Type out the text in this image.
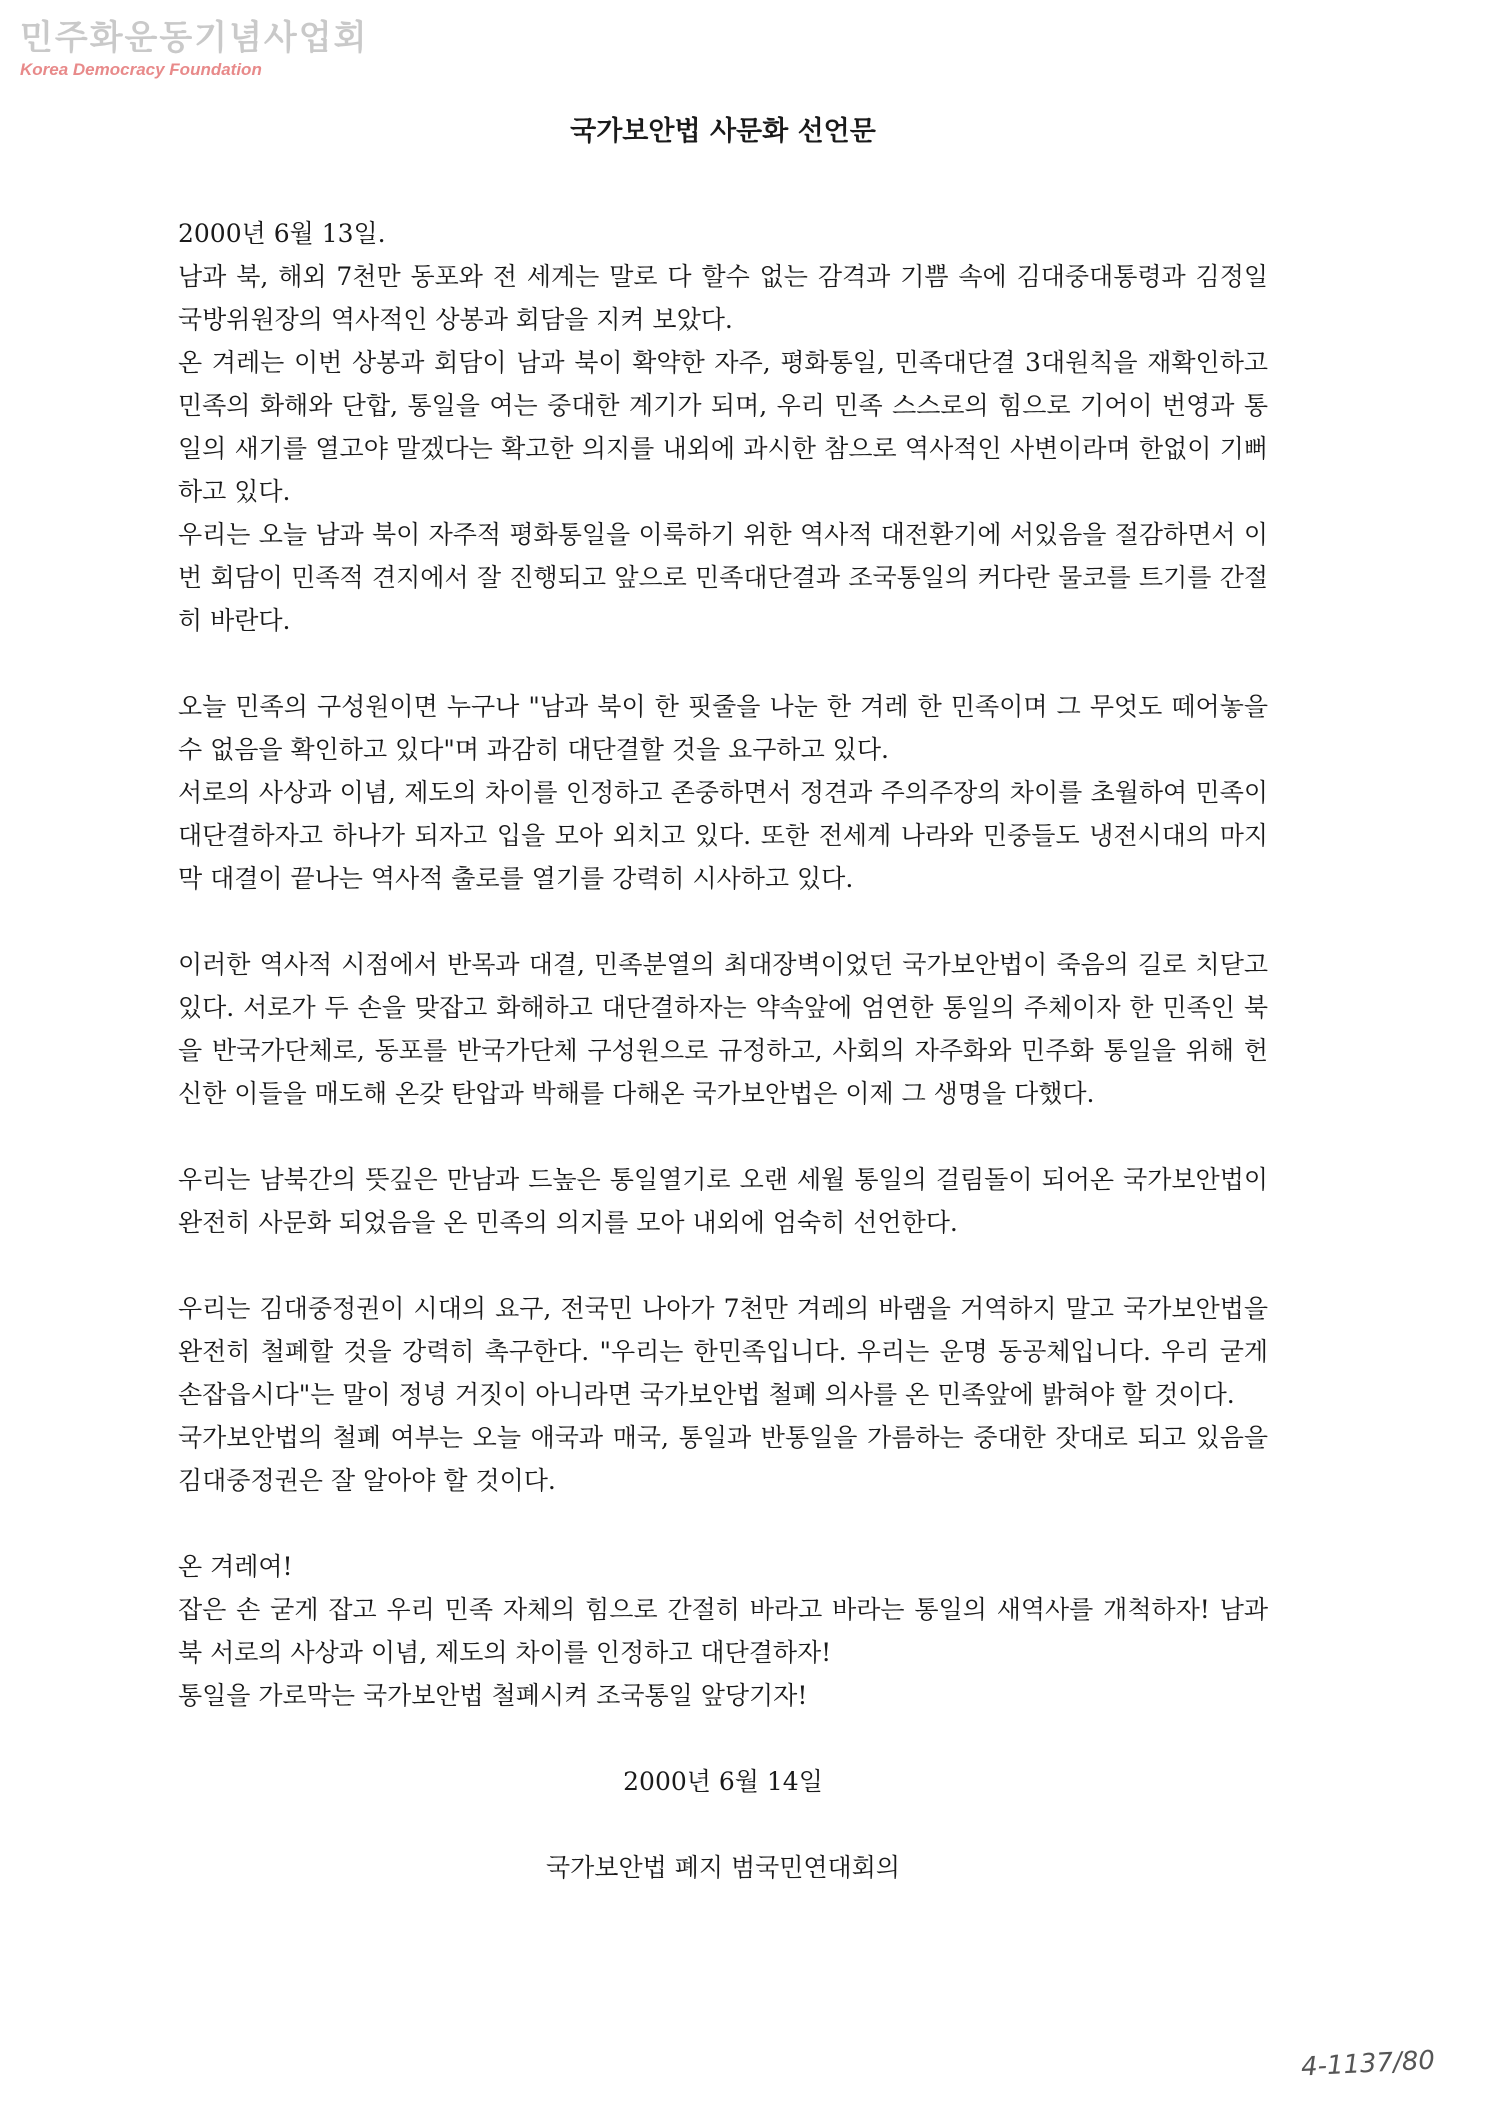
민주화운동기념사업회
Korea Democracy Foundation
국가보안법 사문화 선언문

2000년 6월 13일.

남과 북, 해외 7천만 동포와 전 세계는 말로 다 할수 없는 감격과 기쁨 속에 김대중대통령과 김정일 국방위원장의 역사적인 상봉과 회담을 지켜 보았다.

온 겨레는 이번 상봉과 회담이 남과 북이 확약한 자주, 평화통일, 민족대단결 3대원칙을 재확인하고 민족의 화해와 단합, 통일을 여는 중대한 계기가 되며, 우리 민족 스스로의 힘으로 기어이 번영과 통일의 새기를 열고야 말겠다는 확고한 의지를 내외에 과시한 참으로 역사적인 사변이라며 한없이 기뻐하고 있다.

우리는 오늘 남과 북이 자주적 평화통일을 이룩하기 위한 역사적 대전환기에 서있음을 절감하면서 이번 회담이 민족적 견지에서 잘 진행되고 앞으로 민족대단결과 조국통일의 커다란 물코를 트기를 간절히 바란다.

오늘 민족의 구성원이면 누구나 "남과 북이 한 핏줄을 나눈 한 겨레 한 민족이며 그 무엇도 떼어놓을 수 없음을 확인하고 있다"며 과감히 대단결할 것을 요구하고 있다.

서로의 사상과 이념, 제도의 차이를 인정하고 존중하면서 정견과 주의주장의 차이를 초월하여 민족이 대단결하자고 하나가 되자고 입을 모아 외치고 있다. 또한 전세계 나라와 민중들도 냉전시대의 마지막 대결이 끝나는 역사적 출로를 열기를 강력히 시사하고 있다.

이러한 역사적 시점에서 반목과 대결, 민족분열의 최대장벽이었던 국가보안법이 죽음의 길로 치닫고 있다. 서로가 두 손을 맞잡고 화해하고 대단결하자는 약속앞에 엄연한 통일의 주체이자 한 민족인 북을 반국가단체로, 동포를 반국가단체 구성원으로 규정하고, 사회의 자주화와 민주화 통일을 위해 헌신한 이들을 매도해 온갖 탄압과 박해를 다해온 국가보안법은 이제 그 생명을 다했다.

우리는 남북간의 뜻깊은 만남과 드높은 통일열기로 오랜 세월 통일의 걸림돌이 되어온 국가보안법이 완전히 사문화 되었음을 온 민족의 의지를 모아 내외에 엄숙히 선언한다.

우리는 김대중정권이 시대의 요구, 전국민 나아가 7천만 겨레의 바램을 거역하지 말고 국가보안법을 완전히 철폐할 것을 강력히 촉구한다. "우리는 한민족입니다. 우리는 운명 동공체입니다. 우리 굳게 손잡읍시다"는 말이 정녕 거짓이 아니라면 국가보안법 철폐 의사를 온 민족앞에 밝혀야 할 것이다.

국가보안법의 철폐 여부는 오늘 애국과 매국, 통일과 반통일을 가름하는 중대한 잣대로 되고 있음을 김대중정권은 잘 알아야 할 것이다.

온 겨레여!

잡은 손 굳게 잡고 우리 민족 자체의 힘으로 간절히 바라고 바라는 통일의 새역사를 개척하자! 남과 북 서로의 사상과 이념, 제도의 차이를 인정하고 대단결하자!

통일을 가로막는 국가보안법 철폐시켜 조국통일 앞당기자!

2000년 6월 14일

국가보안법 폐지 범국민연대회의

4-1137/80
